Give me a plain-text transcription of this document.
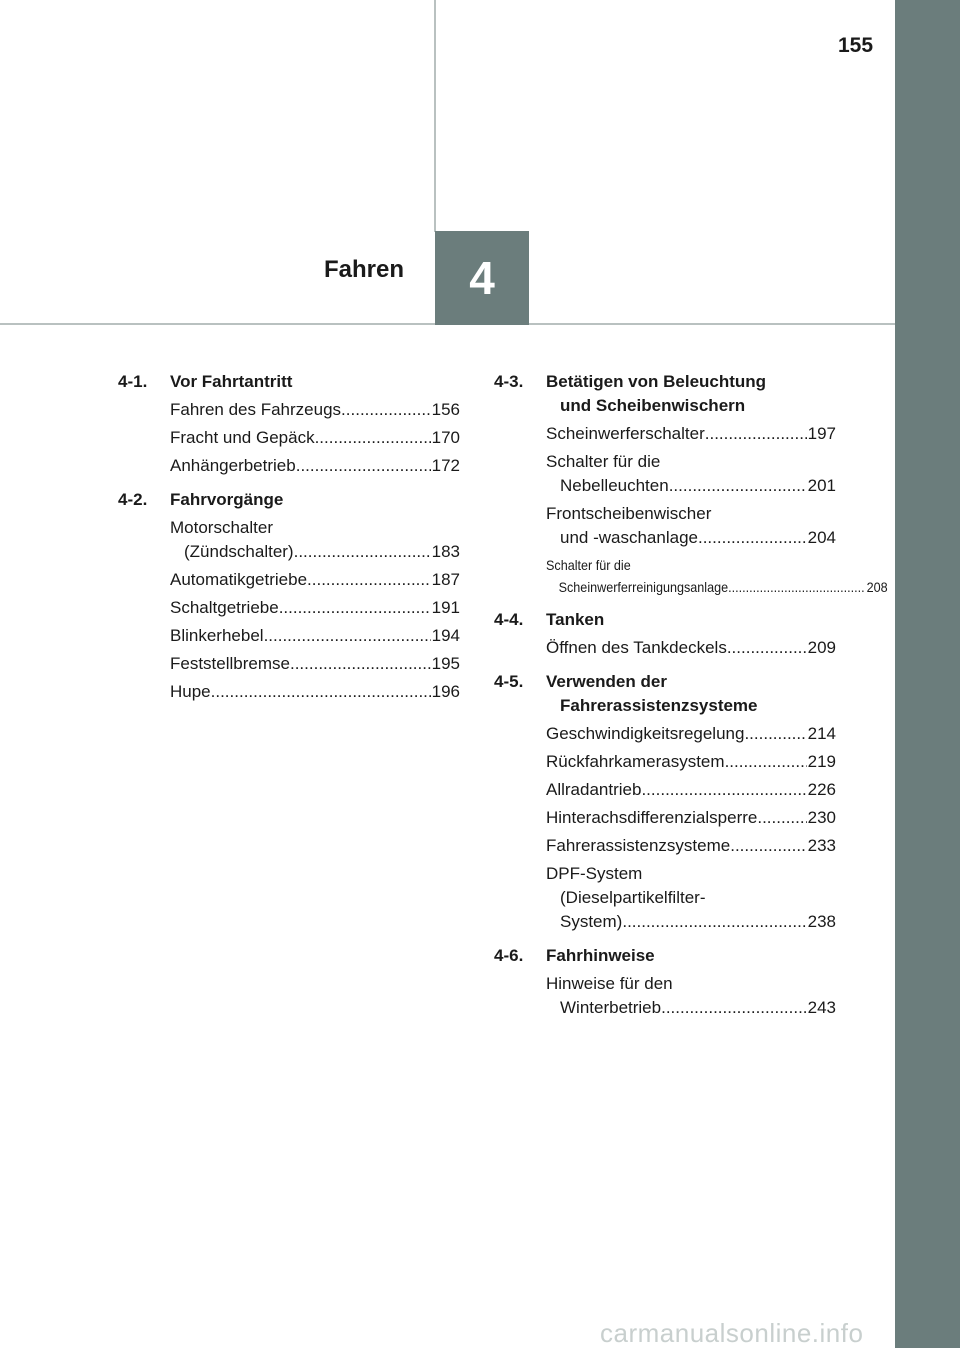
155
Fahren 4
4-1.	Vor Fahrtantritt
Fahren des Fahrzeugs .....	156
Fracht und Gepäck .....	170
Anhängerbetrieb .....	172
4-2.	Fahrvorgänge
Motorschalter
(Zündschalter) .....	183
Automatikgetriebe .....	187
Schaltgetriebe .....	191
Blinkerhebel .....	194
Feststellbremse .....	195
Hupe .....	196
4-3.	Betätigen von Beleuchtung
und Scheibenwischern
Scheinwerferschalter .....	197
Schalter für die
Nebelleuchten .....	201
Frontscheibenwischer
und -waschanlage .....	204
Schalter für die
Scheinwerferreinigungsanlage .....	208
4-4.	Tanken
Öffnen des Tankdeckels .....	209
4-5.	Verwenden der
Fahrerassistenzsysteme
Geschwindigkeitsregelung .....	214
Rückfahrkamerasystem .....	219
Allradantrieb .....	226
Hinterachsdifferenzialsperre .....	230
Fahrerassistenzsysteme .....	233
DPF-System
(Dieselpartikelfilter-
System) .....	238
4-6.	Fahrhinweise
Hinweise für den
Winterbetrieb .....	243
carmanualsonline.info
